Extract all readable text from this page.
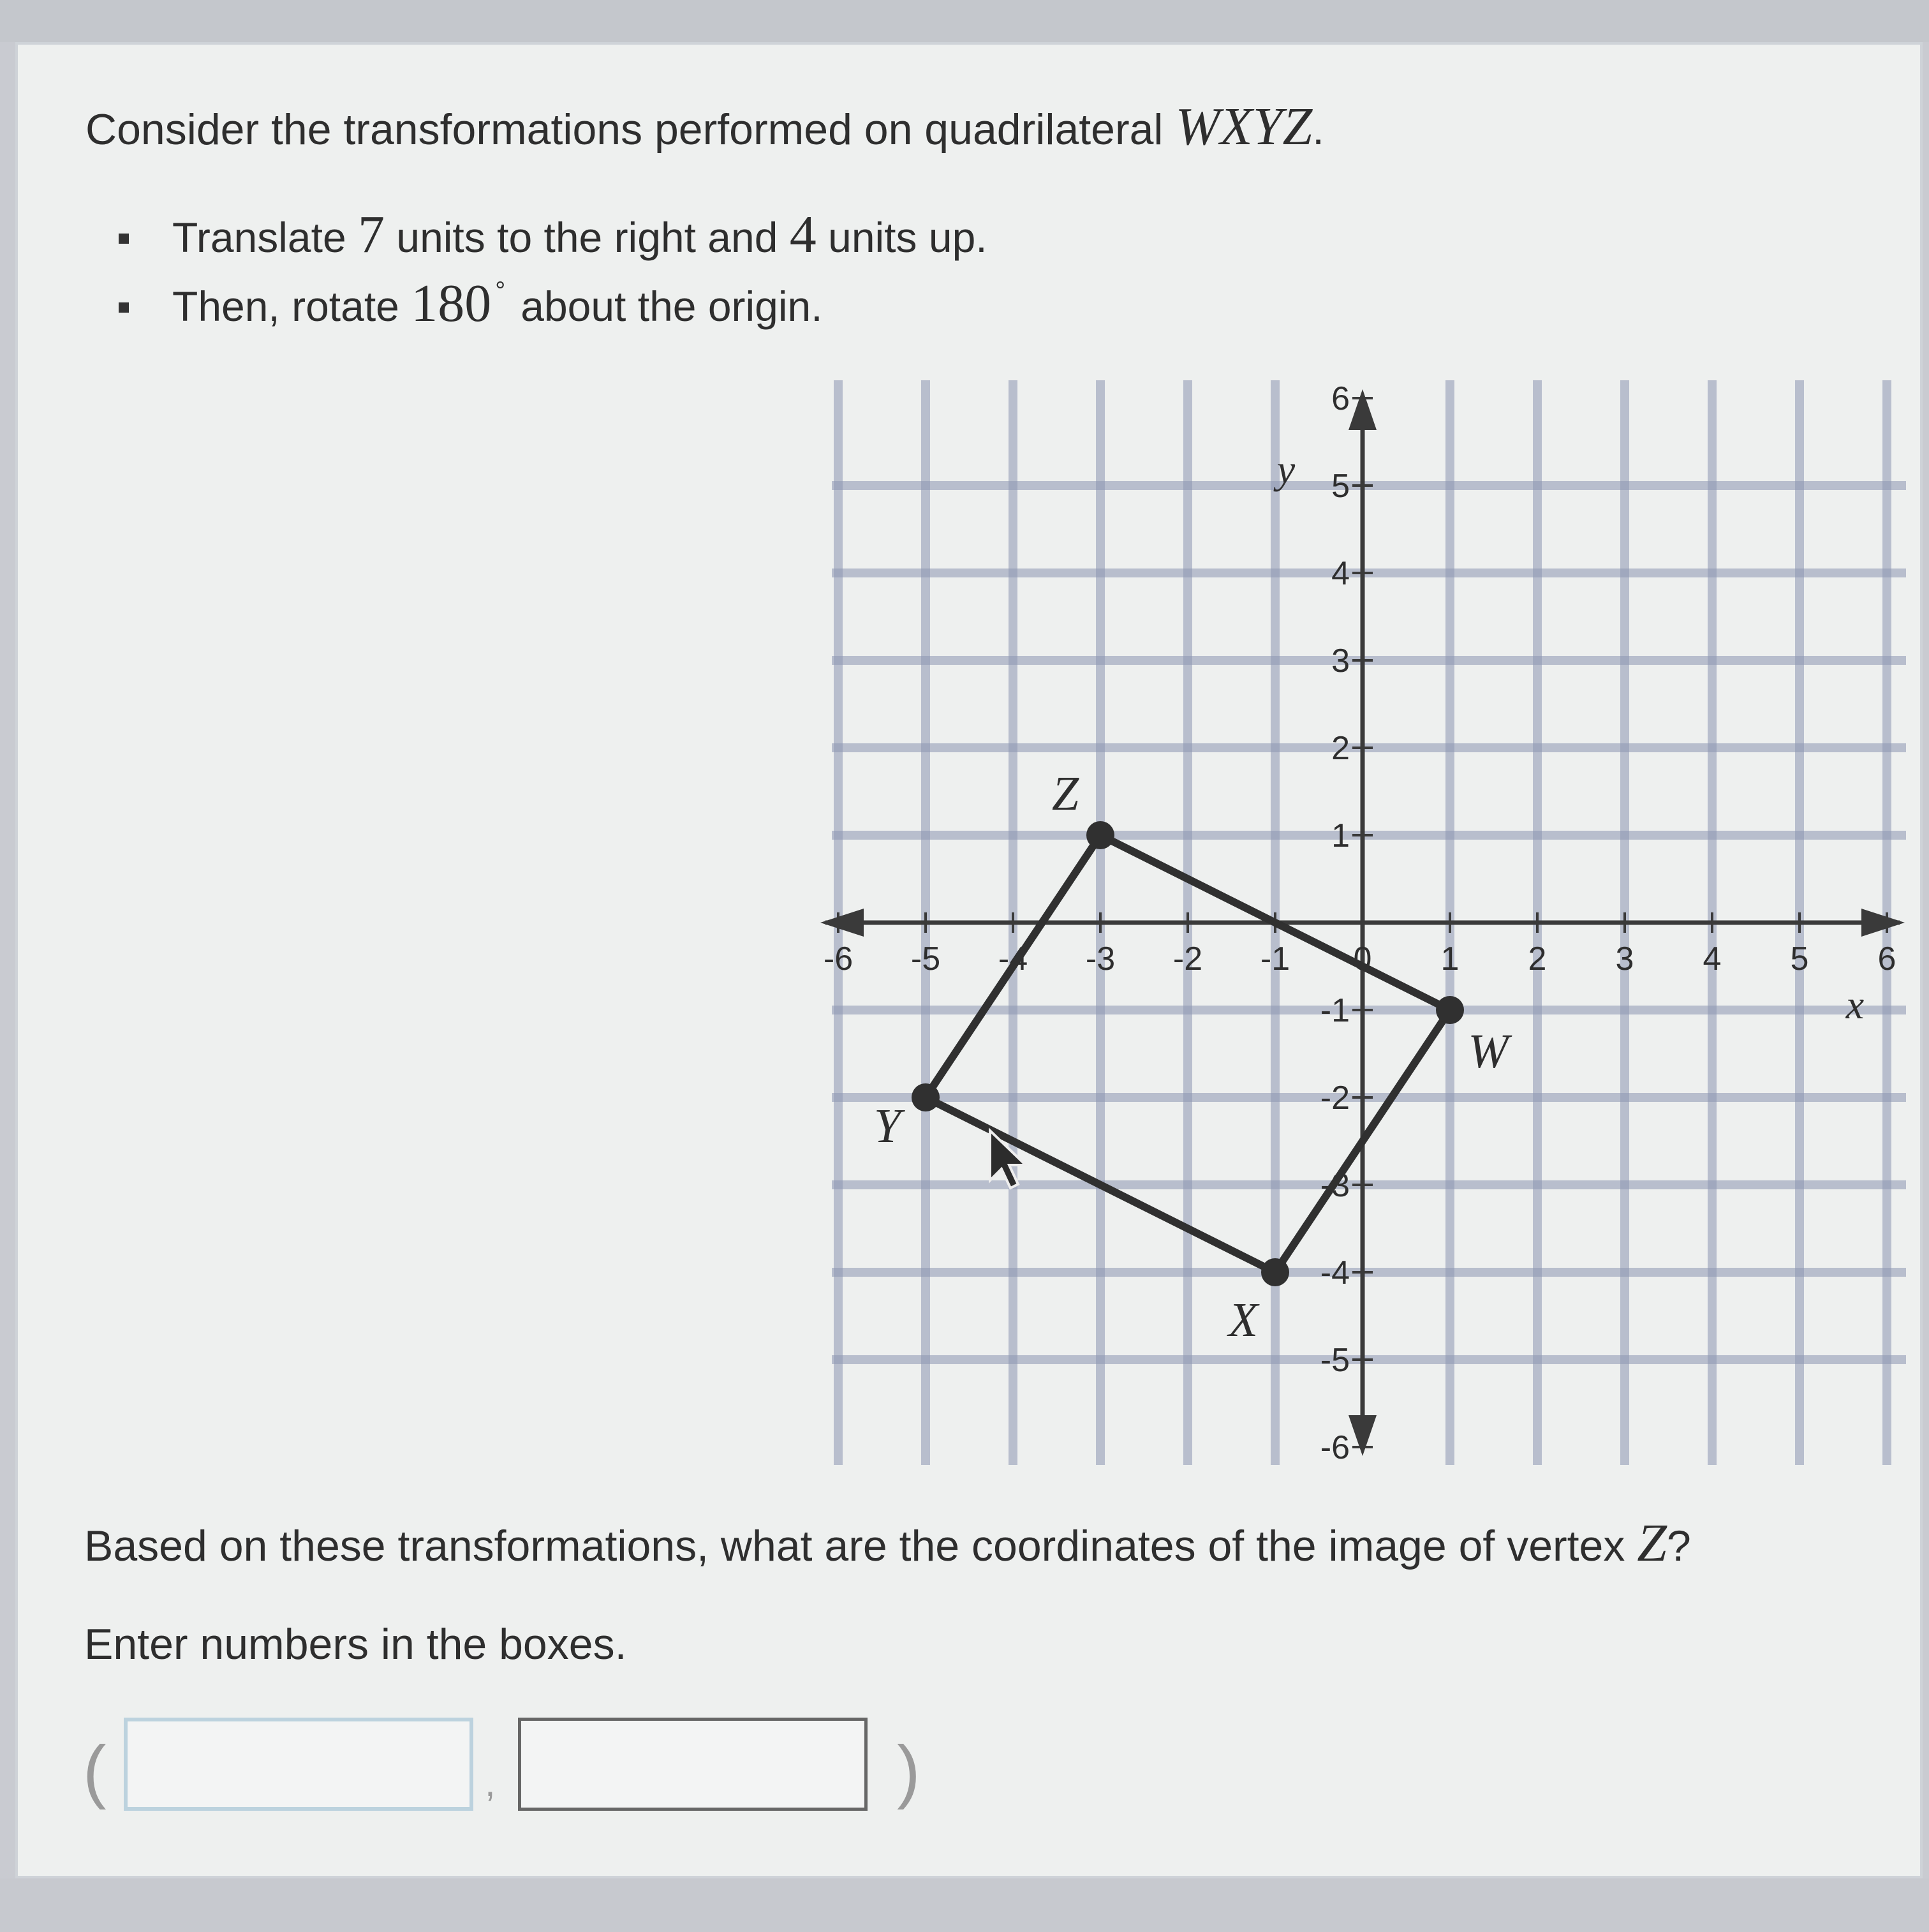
Consider the transformations performed on quadrilateral WXYZ.

Translate 7 units to the right and 4 units up.
Then, rotate 180 ° about the origin.
-6 -5 -4 -3 -2 -1 0 1 2 3 4 5 6
6
5
4
3
2
1
-1
-2
-3
-4
-5
-6
x
y
W
X
Y
Z

Based on these transformations, what are the coordinates of the image of vertex Z?

Enter numbers in the boxes.

(	,	)
